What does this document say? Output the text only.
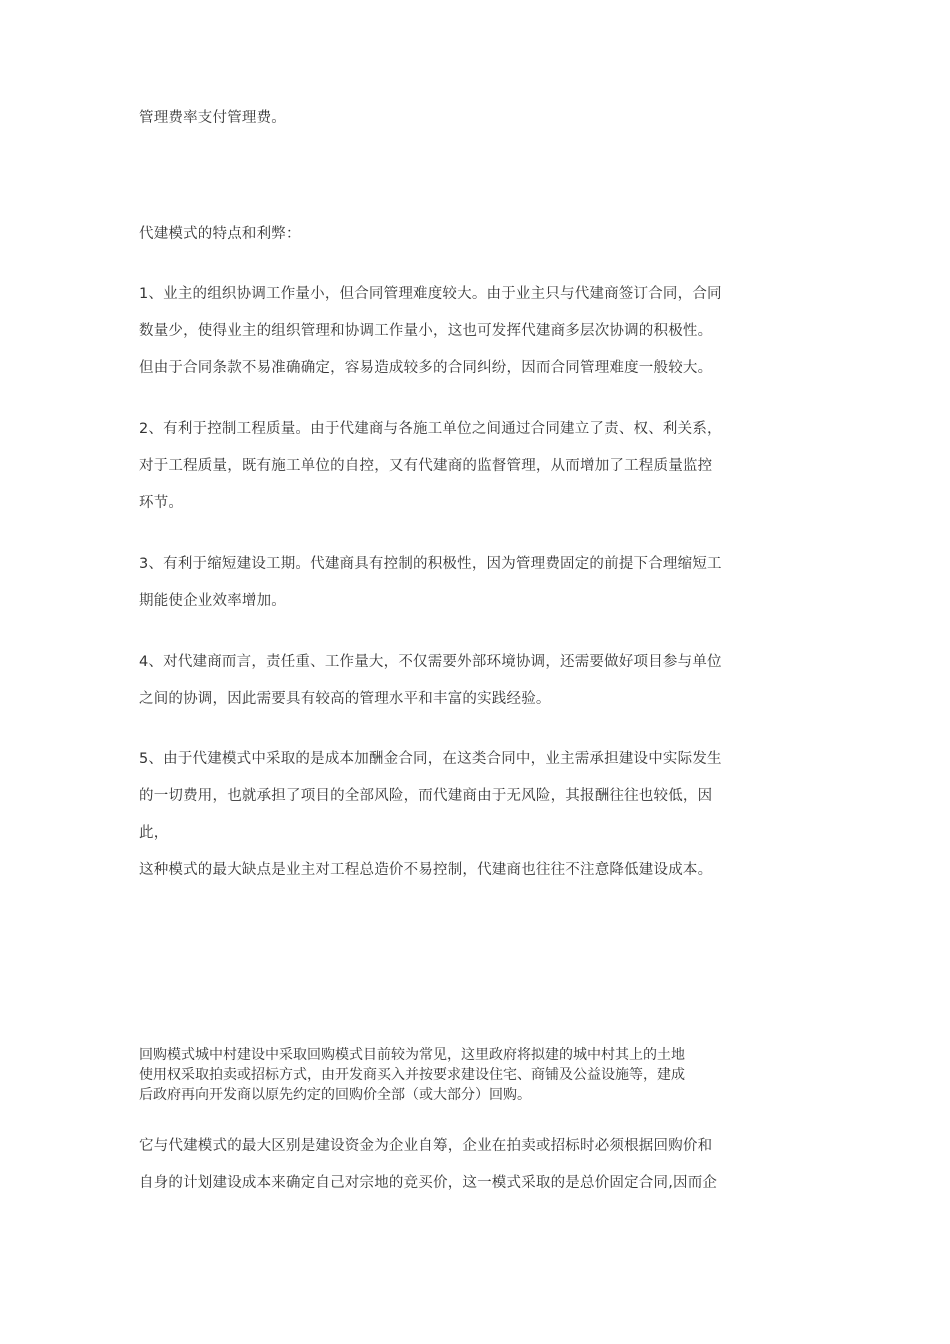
管理费率支付管理费。
代建模式的特点和利弊：
1、业主的组织协调工作量小，但合同管理难度较大。由于业主只与代建商签订合同，合同
数量少，使得业主的组织管理和协调工作量小，这也可发挥代建商多层次协调的积极性。
但由于合同条款不易准确确定，容易造成较多的合同纠纷，因而合同管理难度一般较大。
2、有利于控制工程质量。由于代建商与各施工单位之间通过合同建立了责、权、利关系，
对于工程质量，既有施工单位的自控，又有代建商的监督管理，从而增加了工程质量监控
环节。
3、有利于缩短建设工期。代建商具有控制的积极性，因为管理费固定的前提下合理缩短工
期能使企业效率增加。
4、对代建商而言，责任重、工作量大，不仅需要外部环境协调，还需要做好项目参与单位
之间的协调，因此需要具有较高的管理水平和丰富的实践经验。
5、由于代建模式中采取的是成本加酬金合同，在这类合同中，业主需承担建设中实际发生
的一切费用，也就承担了项目的全部风险，而代建商由于无风险，其报酬往往也较低，因
此，
这种模式的最大缺点是业主对工程总造价不易控制，代建商也往往不注意降低建设成本。
回购模式城中村建设中采取回购模式目前较为常见，这里政府将拟建的城中村其上的土地
使用权采取拍卖或招标方式，由开发商买入并按要求建设住宅、商铺及公益设施等，建成
后政府再向开发商以原先约定的回购价全部（或大部分）回购。
它与代建模式的最大区别是建设资金为企业自筹，企业在拍卖或招标时必须根据回购价和
自身的计划建设成本来确定自己对宗地的竞买价，这一模式采取的是总价固定合同,因而企
